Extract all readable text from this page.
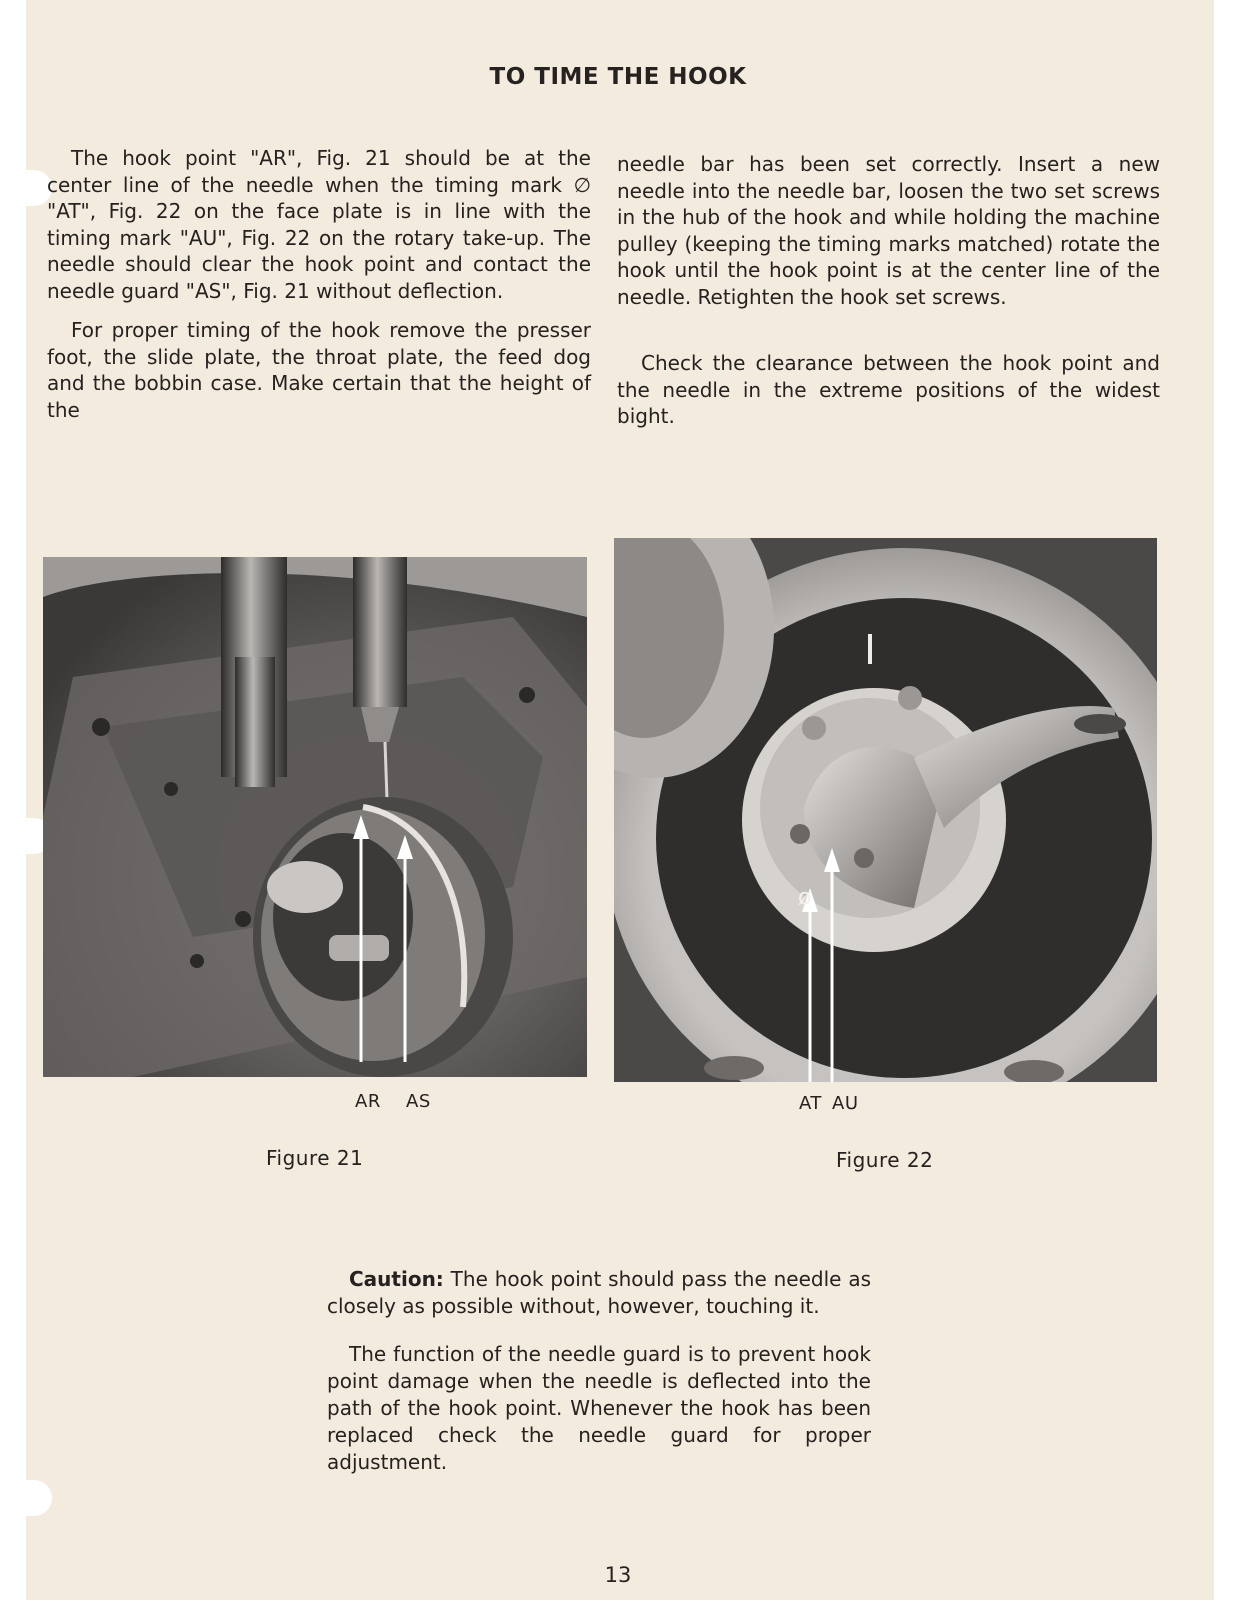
TO TIME THE HOOK

The hook point "AR", Fig. 21 should be at the center line of the needle when the timing mark ∅ "AT", Fig. 22 on the face plate is in line with the timing mark "AU", Fig. 22 on the rotary take-up. The needle should clear the hook point and contact the needle guard "AS", Fig. 21 without deflection.

For proper timing of the hook remove the presser foot, the slide plate, the throat plate, the feed dog and the bobbin case. Make certain that the height of the

needle bar has been set correctly. Insert a new needle into the needle bar, loosen the two set screws in the hub of the hook and while holding the machine pulley (keeping the timing marks matched) rotate the hook until the hook point is at the center line of the needle. Retighten the hook set screws.

Check the clearance between the hook point and the needle in the extreme positions of the widest bight.

AR AS
Figure 21
ø
AT AU
Figure 22

Caution: The hook point should pass the needle as closely as possible without, however, touching it.

The function of the needle guard is to prevent hook point damage when the needle is deflected into the path of the hook point. Whenever the hook has been replaced check the needle guard for proper adjustment.

13
